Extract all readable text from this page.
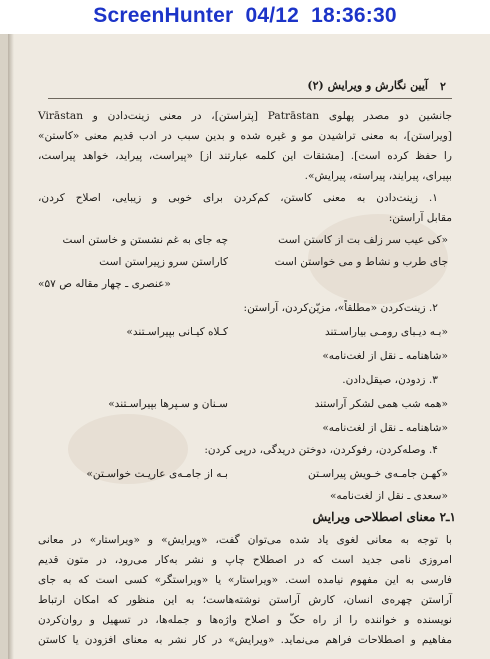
ScreenHunter  04/12  18:36:30
۲
آیین نگارش و ویرایش (۲)
جانشین دو مصدر پهلوی Patrāstan [پتراستن]، در معنی زینت‌دادن و Virāstan
[ویراستن]، به معنی تراشیدن مو و غیره شده و بدین سبب در ادب قدیم معنی «کاستن»
را حفظ کرده است]. [مشتقات این کلمه عبارتند از] «پیراست، پیراید، خواهد پیراست،
بپیرای، پیرایند، پیراسته، پیرایش».
۱. زینت‌دادن به معنی کاستن، کم‌کردن برای خوبی و زیبایی، اصلاح کردن،
مقابل آراستن:
«کی عیب سر زلف بت از کاستن است
چه جای به غم نشستن و خاستن است
جای طرب و نشاط و می خواستن است
کاراستن سرو زپیراستن است
«عنصری ـ چهار مقاله ص ۵۷»
۲. زینت‌کردن «مطلقاً»، مزیّن‌کردن، آراستن:
«بـه دیـبای رومـی بیاراسـتند
کـلاه کیـانی بپیراسـتند»
«شاهنامه ـ نقل از لغت‌نامه»
۳. زدودن، صیقل‌دادن.
«همه شب همی لشکر آراستند
سـنان و سـپرها بپیراسـتند»
«شاهنامه ـ نقل از لغت‌نامه»
۴. وصله‌کردن، رفوکردن، دوختن دریدگی، درپی کردن:
«کهـن جامـه‌ی خـویش پیراسـتن
بـه از جامـه‌ی عاریـت خواسـتن»
«سعدی ـ نقل از لغت‌نامه»
۱ـ۲ معنای اصطلاحی ویرایش
با توجه به معانی لغوی یاد شده می‌توان گفت، «ویرایش» و «ویراستار» در معانی
امروزی نامی جدید است که در اصطلاح چاپ و نشر به‌کار می‌رود، در متون قدیم
فارسی به این مفهوم نیامده است. «ویراستار» یا «ویراستگر» کسی است که به جای
آراستن چهره‌ی انسان، کارش آراستن نوشته‌هاست؛ به این منظور که امکان ارتباط
نویسنده و خواننده را از راه حکّ و اصلاح واژه‌ها و جمله‌ها، در تسهیل و روان‌کردن
مفاهیم و اصطلاحات فراهم می‌نماید. «ویرایش» در کار نشر به معنای افزودن یا کاستن
